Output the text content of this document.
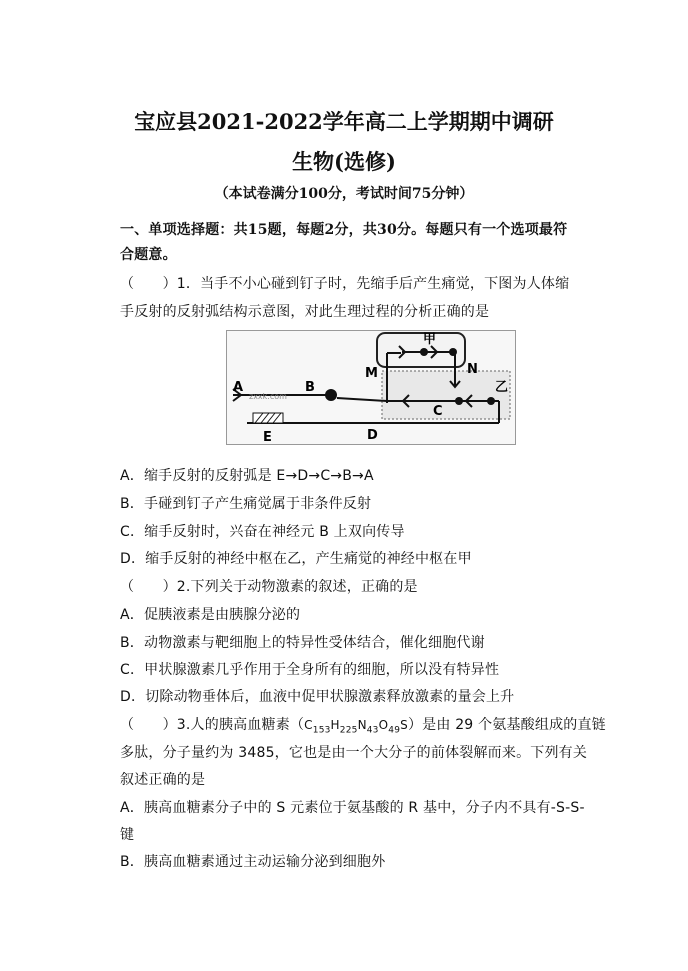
宝应县2021-2022学年高二上学期期中调研
生物(选修)
（本试卷满分100分，考试时间75分钟）
一、单项选择题：共15题，每题2分，共30分。每题只有一个选项最符
合题意。
（　　）1．当手不小心碰到钉子时，先缩手后产生痛觉，下图为人体缩
手反射的反射弧结构示意图，对此生理过程的分析正确的是
甲
乙
A	B
C
D
E
M	N
zxxk.com
A．缩手反射的反射弧是 E→D→C→B→A
B．手碰到钉子产生痛觉属于非条件反射
C．缩手反射时，兴奋在神经元 B 上双向传导
D．缩手反射的神经中枢在乙，产生痛觉的神经中枢在甲
（　　）2.下列关于动物激素的叙述，正确的是
A．促胰液素是由胰腺分泌的
B．动物激素与靶细胞上的特异性受体结合，催化细胞代谢
C．甲状腺激素几乎作用于全身所有的细胞，所以没有特异性
D．切除动物垂体后，血液中促甲状腺激素释放激素的量会上升
（　　）3.人的胰高血糖素$(C_{153}H_{225}N_{43}O_{49}S)$是由 29 个氨基酸组成的直链
多肽，分子量约为 3485，它也是由一个大分子的前体裂解而来。下列有关
叙述正确的是
A．胰高血糖素分子中的 S 元素位于氨基酸的 R 基中，分子内不具有-S-S-
键
B．胰高血糖素通过主动运输分泌到细胞外
